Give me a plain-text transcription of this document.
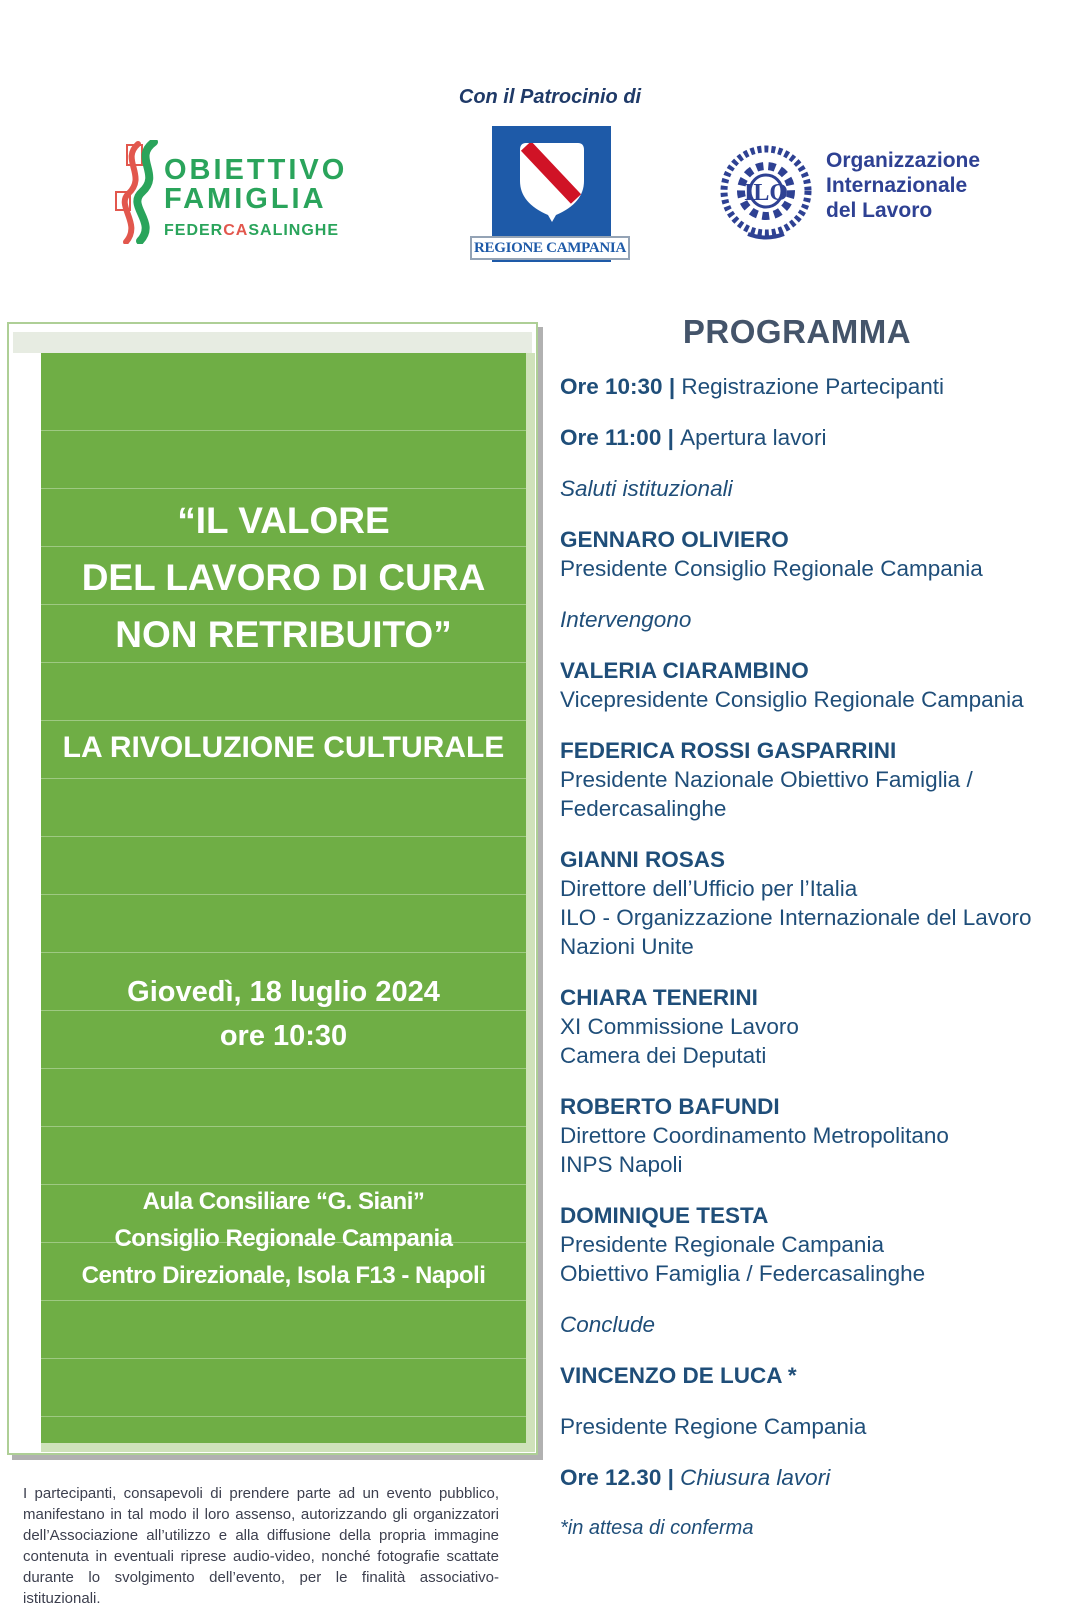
Con il Patrocinio di
OBIETTIVO
FAMIGLIA
FEDERCASALINGHE
REGIONE CAMPANIA
ILO
Organizzazione
Internazionale
del Lavoro
“IL VALORE
DEL LAVORO DI CURA
NON RETRIBUITO”
LA RIVOLUZIONE CULTURALE
Giovedì, 18 luglio 2024
ore 10:30
Aula Consiliare “G. Siani”
Consiglio Regionale Campania
Centro Direzionale, Isola F13 - Napoli

I partecipanti, consapevoli di prendere parte ad un evento pubblico, manifestano in tal modo il loro assenso, autorizzando gli organizzatori dell’Associazione all’utilizzo e alla diffusione della propria immagine contenuta in eventuali riprese audio-video, nonché fotografie scattate durante lo svolgimento dell’evento, per le finalità associativo-istituzionali.

PROGRAMMA

Ore 10:30 | Registrazione Partecipanti

Ore 11:00 | Apertura lavori

Saluti istituzionali

GENNARO OLIVIERO
Presidente Consiglio Regionale Campania

Intervengono

VALERIA CIARAMBINO
Vicepresidente Consiglio Regionale Campania

FEDERICA ROSSI GASPARRINI
Presidente Nazionale Obiettivo Famiglia /
Federcasalinghe

GIANNI ROSAS
Direttore dell’Ufficio per l’Italia
ILO - Organizzazione Internazionale del Lavoro
Nazioni Unite

CHIARA TENERINI
XI Commissione Lavoro
Camera dei Deputati

ROBERTO BAFUNDI
Direttore Coordinamento Metropolitano
INPS Napoli

DOMINIQUE TESTA
Presidente Regionale Campania
Obiettivo Famiglia / Federcasalinghe

Conclude

VINCENZO DE LUCA *

Presidente Regione Campania

Ore 12.30 | Chiusura lavori

*in attesa di conferma
